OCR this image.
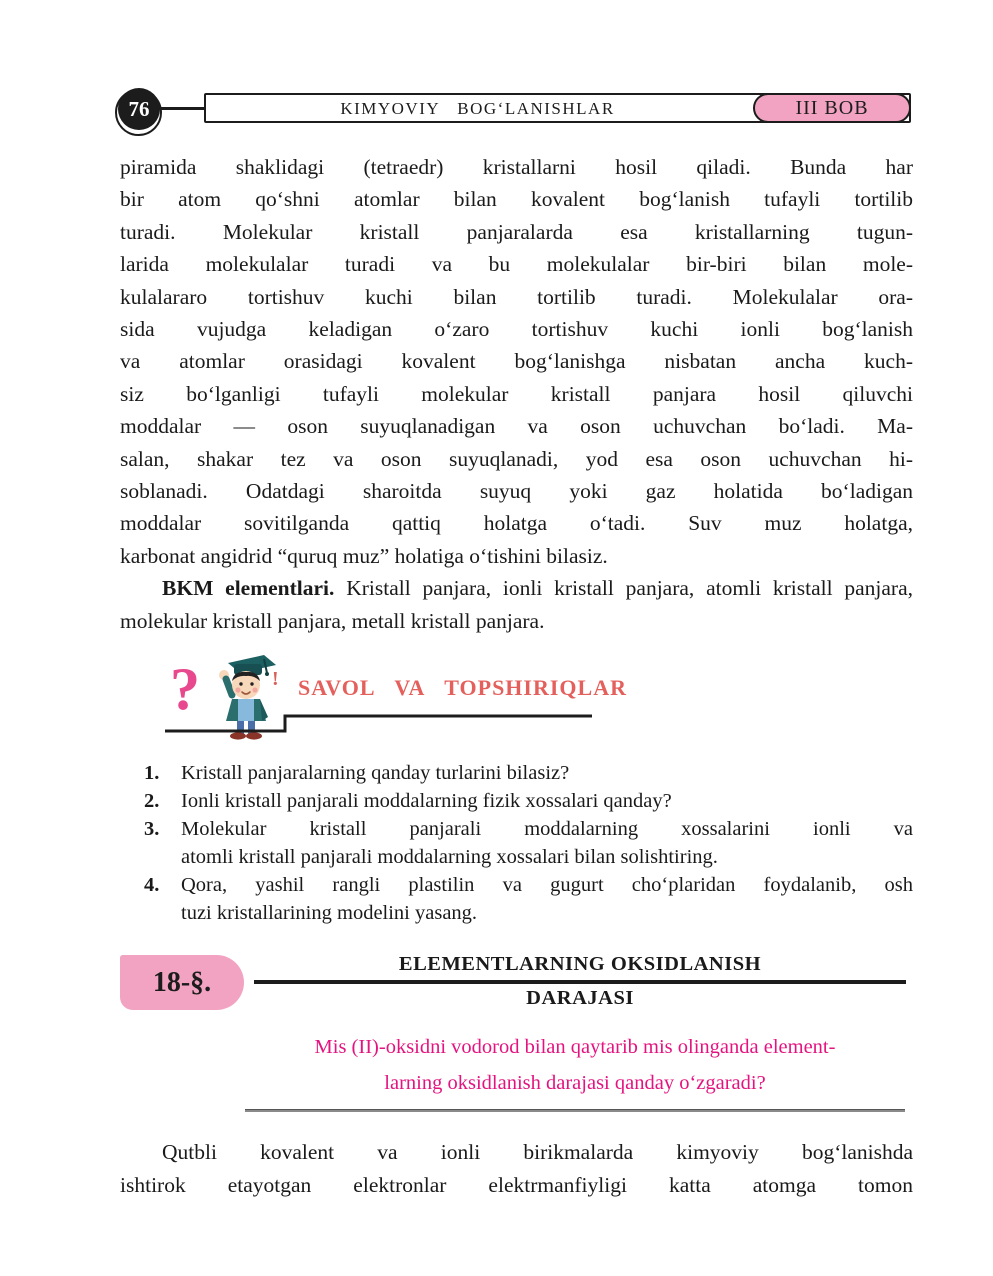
76	KIMYOVIY BOG‘LANISHLAR	III BOB
piramida shaklidagi (tetraedr) kristallarni hosil qiladi. Bunda har
bir atom qo‘shni atomlar bilan kovalent bog‘lanish tufayli tortilib
turadi. Molekular kristall panjaralarda esa kristallarning tugun-
larida molekulalar turadi va bu molekulalar bir-biri bilan mole-
kulalararo tortishuv kuchi bilan tortilib turadi. Molekulalar ora-
sida vujudga keladigan o‘zaro tortishuv kuchi ionli bog‘lanish
va atomlar orasidagi kovalent bog‘lanishga nisbatan ancha kuch-
siz bo‘lganligi tufayli molekular kristall panjara hosil qiluvchi
moddalar — oson suyuqlanadigan va oson uchuvchan bo‘ladi. Ma-
salan, shakar tez va oson suyuqlanadi, yod esa oson uchuvchan hi-
soblanadi. Odatdagi sharoitda suyuq yoki gaz holatida bo‘ladigan
moddalar sovitilganda qattiq holatga o‘tadi. Suv muz holatga,
karbonat angidrid “quruq muz” holatiga o‘tishini bilasiz.

BKM elementlari. Kristall panjara, ionli kristall panjara, atomli kristall panjara, molekular kristall panjara, metall kristall panjara.

?	! SAVOL VA TOPSHIRIQLAR
1.	Kristall panjaralarning qanday turlarini bilasiz?
2.	Ionli kristall panjarali moddalarning fizik xossalari qanday?
3.	Molekular kristall panjarali moddalarning xossalarini ionli va
atomli kristall panjarali moddalarning xossalari bilan solishtiring.
4.	Qora, yashil rangli plastilin va gugurt cho‘plaridan foydalanib, osh
tuzi kristallarining modelini yasang.
18-§.
ELEMENTLARNING OKSIDLANISH
DARAJASI
Mis (II)-oksidni vodorod bilan qaytarib mis olinganda element-
larning oksidlanish darajasi qanday o‘zgaradi?
Qutbli kovalent va ionli birikmalarda kimyoviy bog‘lanishda
ishtirok etayotgan elektronlar elektrmanfiyligi katta atomga tomon
